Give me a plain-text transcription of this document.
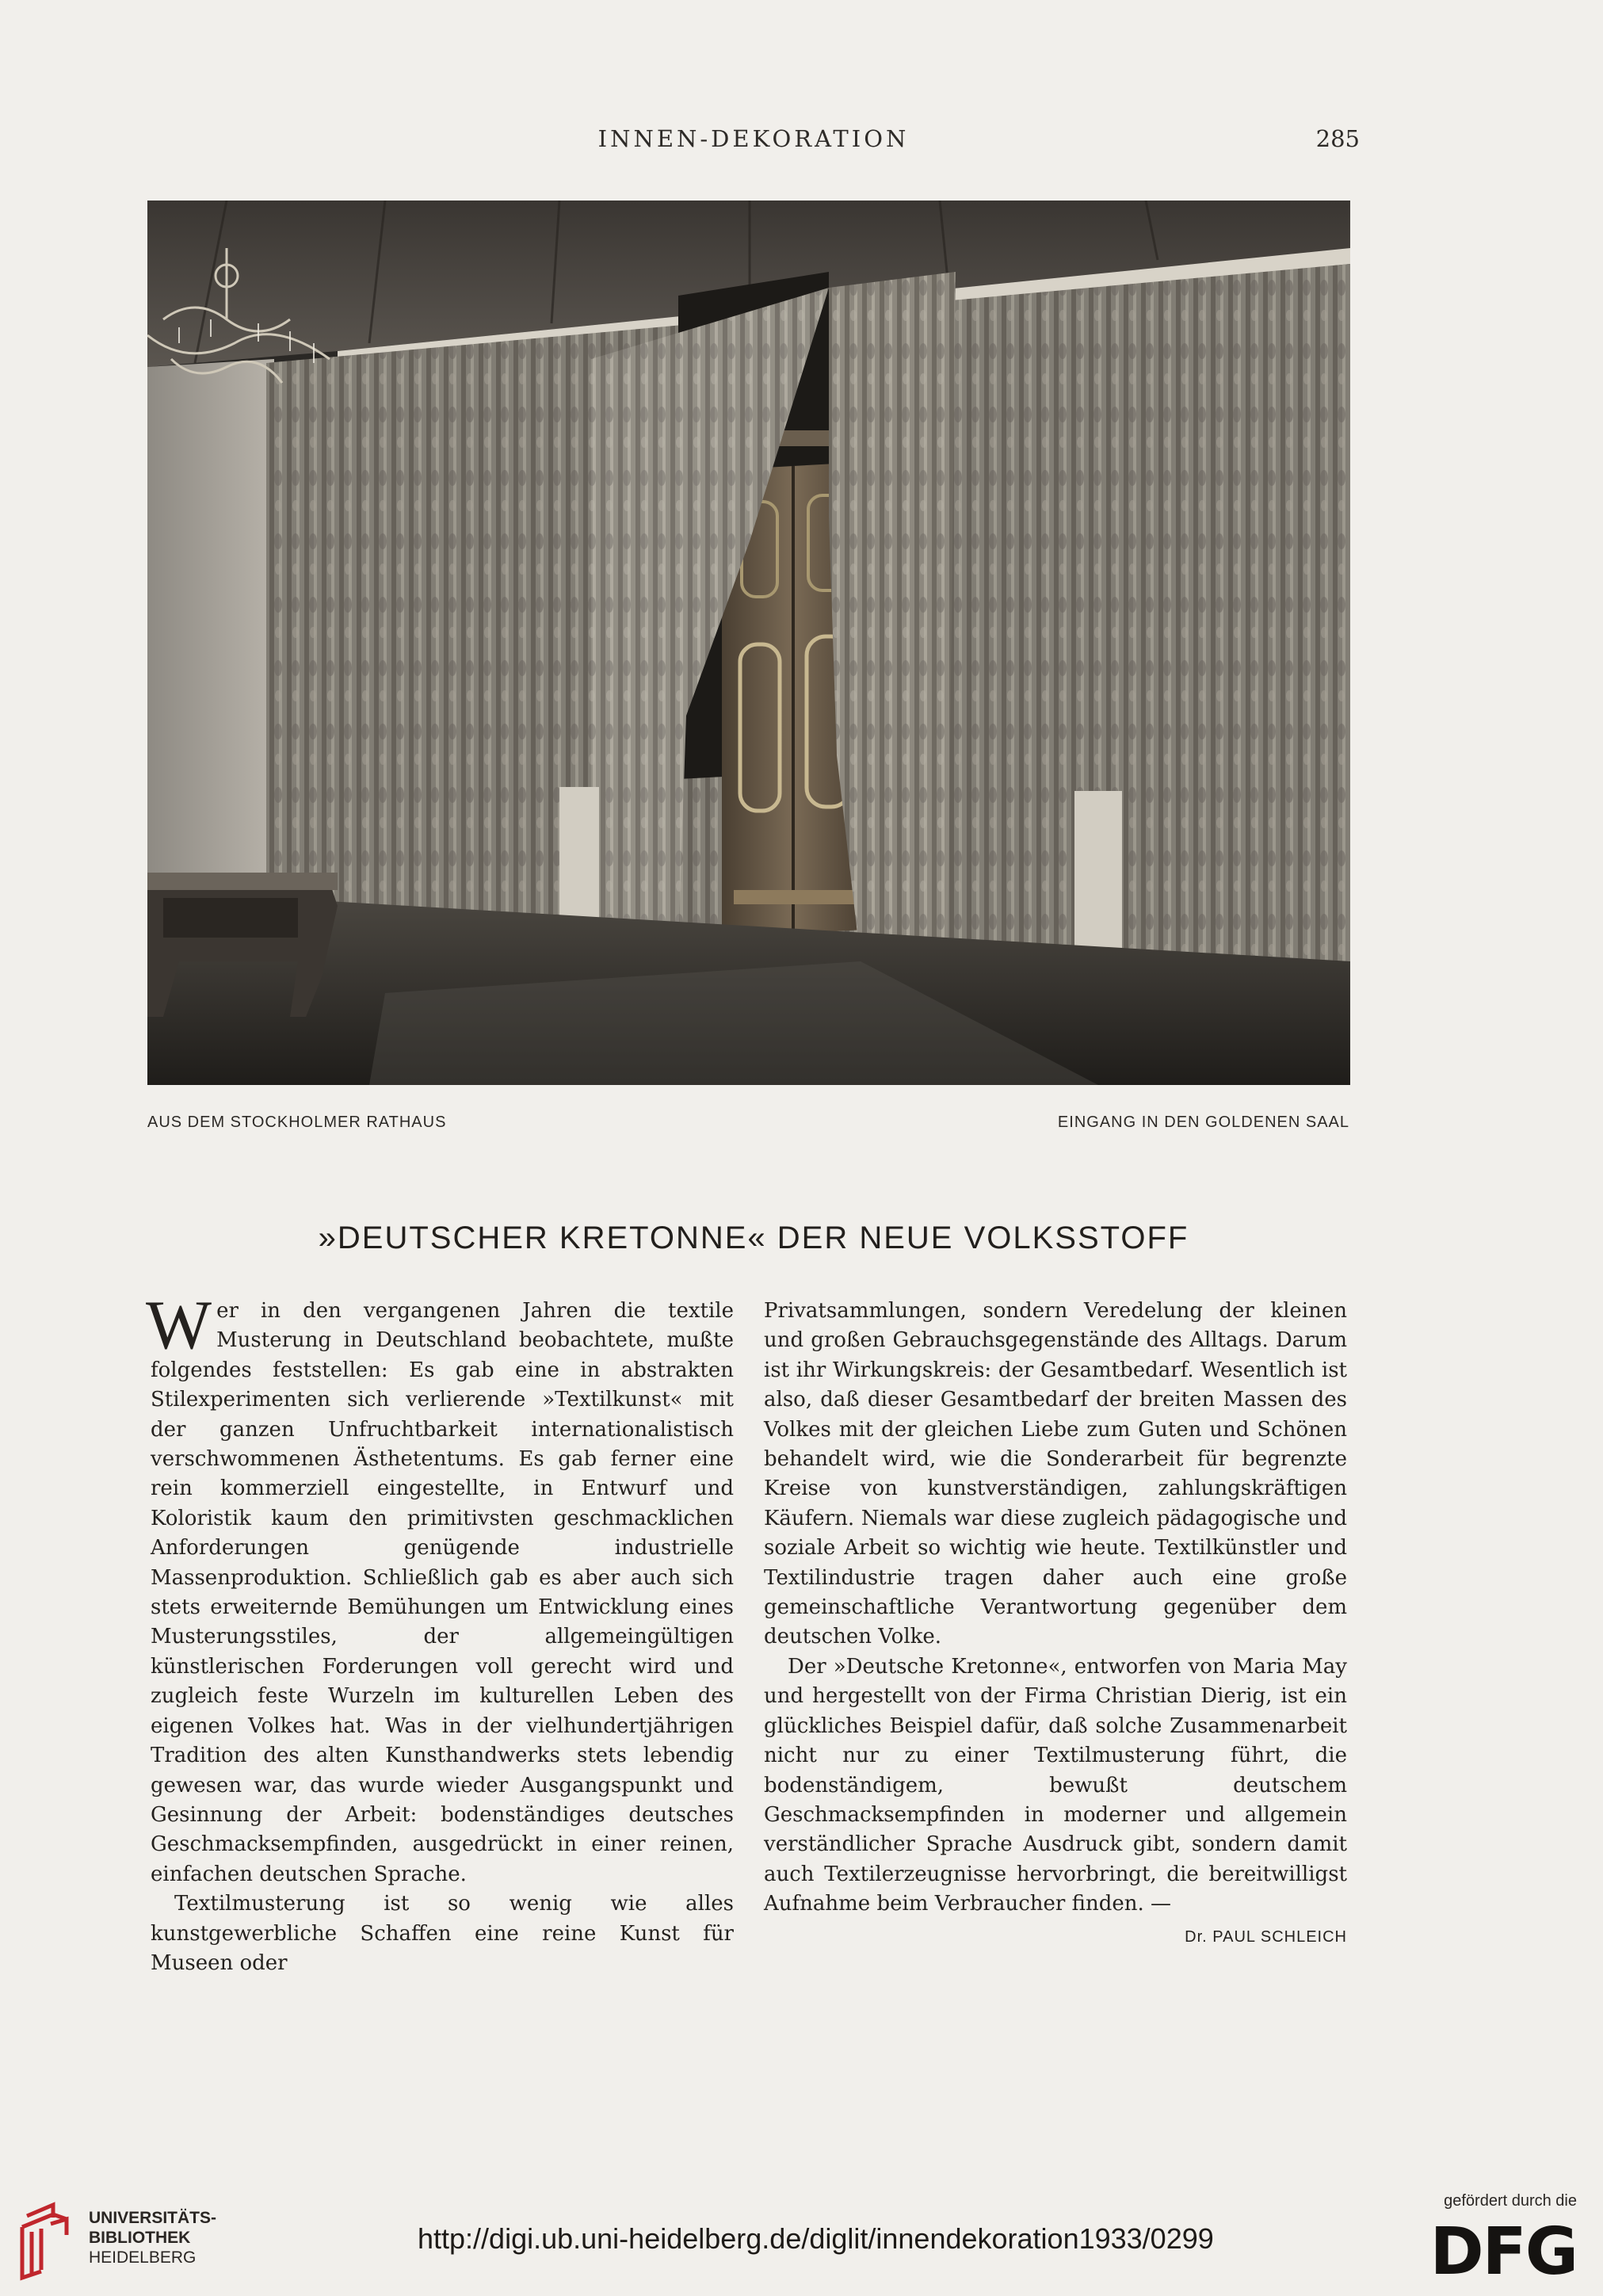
INNEN-DEKORATION	285
AUS DEM STOCKHOLMER RATHAUS	EINGANG IN DEN GOLDENEN SAAL
»DEUTSCHER KRETONNE« DER NEUE VOLKSSTOFF

Wer in den vergangenen Jahren die textile Musterung in Deutschland beobachtete, mußte folgendes feststellen: Es gab eine in abstrakten Stilexperimenten sich verlierende »Textilkunst« mit der ganzen Unfruchtbarkeit internationalistisch verschwommenen Ästhetentums. Es gab ferner eine rein kommerziell eingestellte, in Entwurf und Koloristik kaum den primitivsten geschmacklichen Anforderungen genügende industrielle Massenproduktion. Schließlich gab es aber auch sich stets erweiternde Bemühungen um Entwicklung eines Musterungsstiles, der allgemeingültigen künstlerischen Forderungen voll gerecht wird und zugleich feste Wurzeln im kulturellen Leben des eigenen Volkes hat. Was in der vielhundertjährigen Tradition des alten Kunsthandwerks stets lebendig gewesen war, das wurde wieder Ausgangspunkt und Gesinnung der Arbeit: bodenständiges deutsches Geschmacksempfinden, ausgedrückt in einer reinen, einfachen deutschen Sprache.

Textilmusterung ist so wenig wie alles kunstgewerbliche Schaffen eine reine Kunst für Museen oder

Privatsammlungen, sondern Veredelung der kleinen und großen Gebrauchsgegenstände des Alltags. Darum ist ihr Wirkungskreis: der Gesamtbedarf. Wesentlich ist also, daß dieser Gesamtbedarf der breiten Massen des Volkes mit der gleichen Liebe zum Guten und Schönen behandelt wird, wie die Sonderarbeit für begrenzte Kreise von kunstverständigen, zahlungskräftigen Käufern. Niemals war diese zugleich pädagogische und soziale Arbeit so wichtig wie heute. Textilkünstler und Textilindustrie tragen daher auch eine große gemeinschaftliche Verantwortung gegenüber dem deutschen Volke.

Der »Deutsche Kretonne«, entworfen von Maria May und hergestellt von der Firma Christian Dierig, ist ein glückliches Beispiel dafür, daß solche Zusammenarbeit nicht nur zu einer Textilmusterung führt, die bodenständigem, bewußt deutschem Geschmacksempfinden in moderner und allgemein verständlicher Sprache Ausdruck gibt, sondern damit auch Textilerzeugnisse hervorbringt, die bereitwilligst Aufnahme beim Verbraucher finden. —
Dr. PAUL SCHLEICH

UNIVERSITÄTS-
BIBLIOTHEK
HEIDELBERG
http://digi.ub.uni-heidelberg.de/diglit/innendekoration1933/0299
gefördert durch die
DFG
